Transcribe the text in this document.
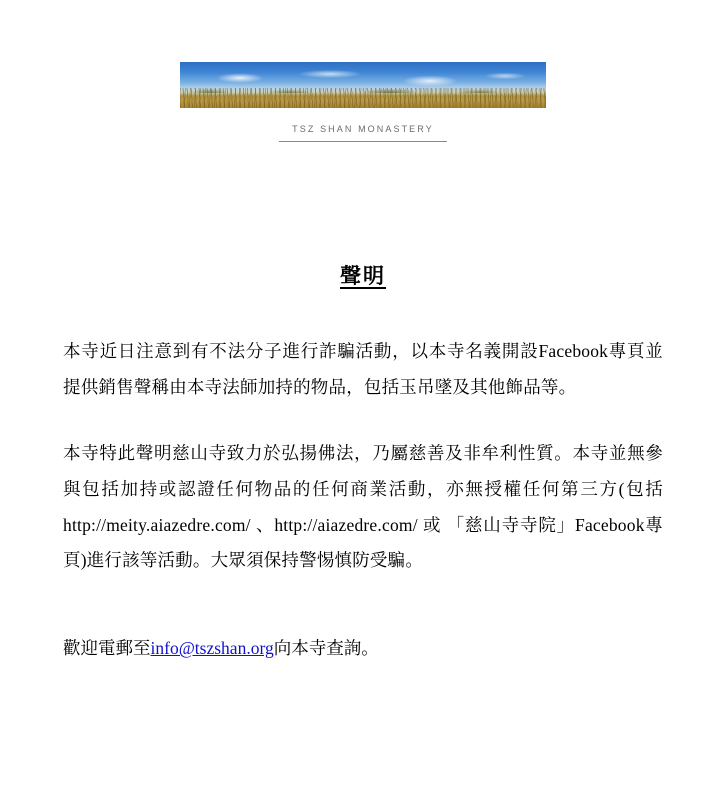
TSZ SHAN MONASTERY
聲明

本寺近日注意到有不法分子進行詐騙活動，以本寺名義開設Facebook專頁並提供銷售聲稱由本寺法師加持的物品，包括玉吊墜及其他飾品等。

本寺特此聲明慈山寺致力於弘揚佛法，乃屬慈善及非牟利性質。本寺並無參與包括加持或認證任何物品的任何商業活動，亦無授權任何第三方(包括http://meity.aiazedre.com/ 、http://aiazedre.com/ 或 「慈山寺寺院」Facebook專頁)進行該等活動。大眾須保持警惕慎防受騙。

歡迎電郵至info@tszshan.org向本寺查詢。
